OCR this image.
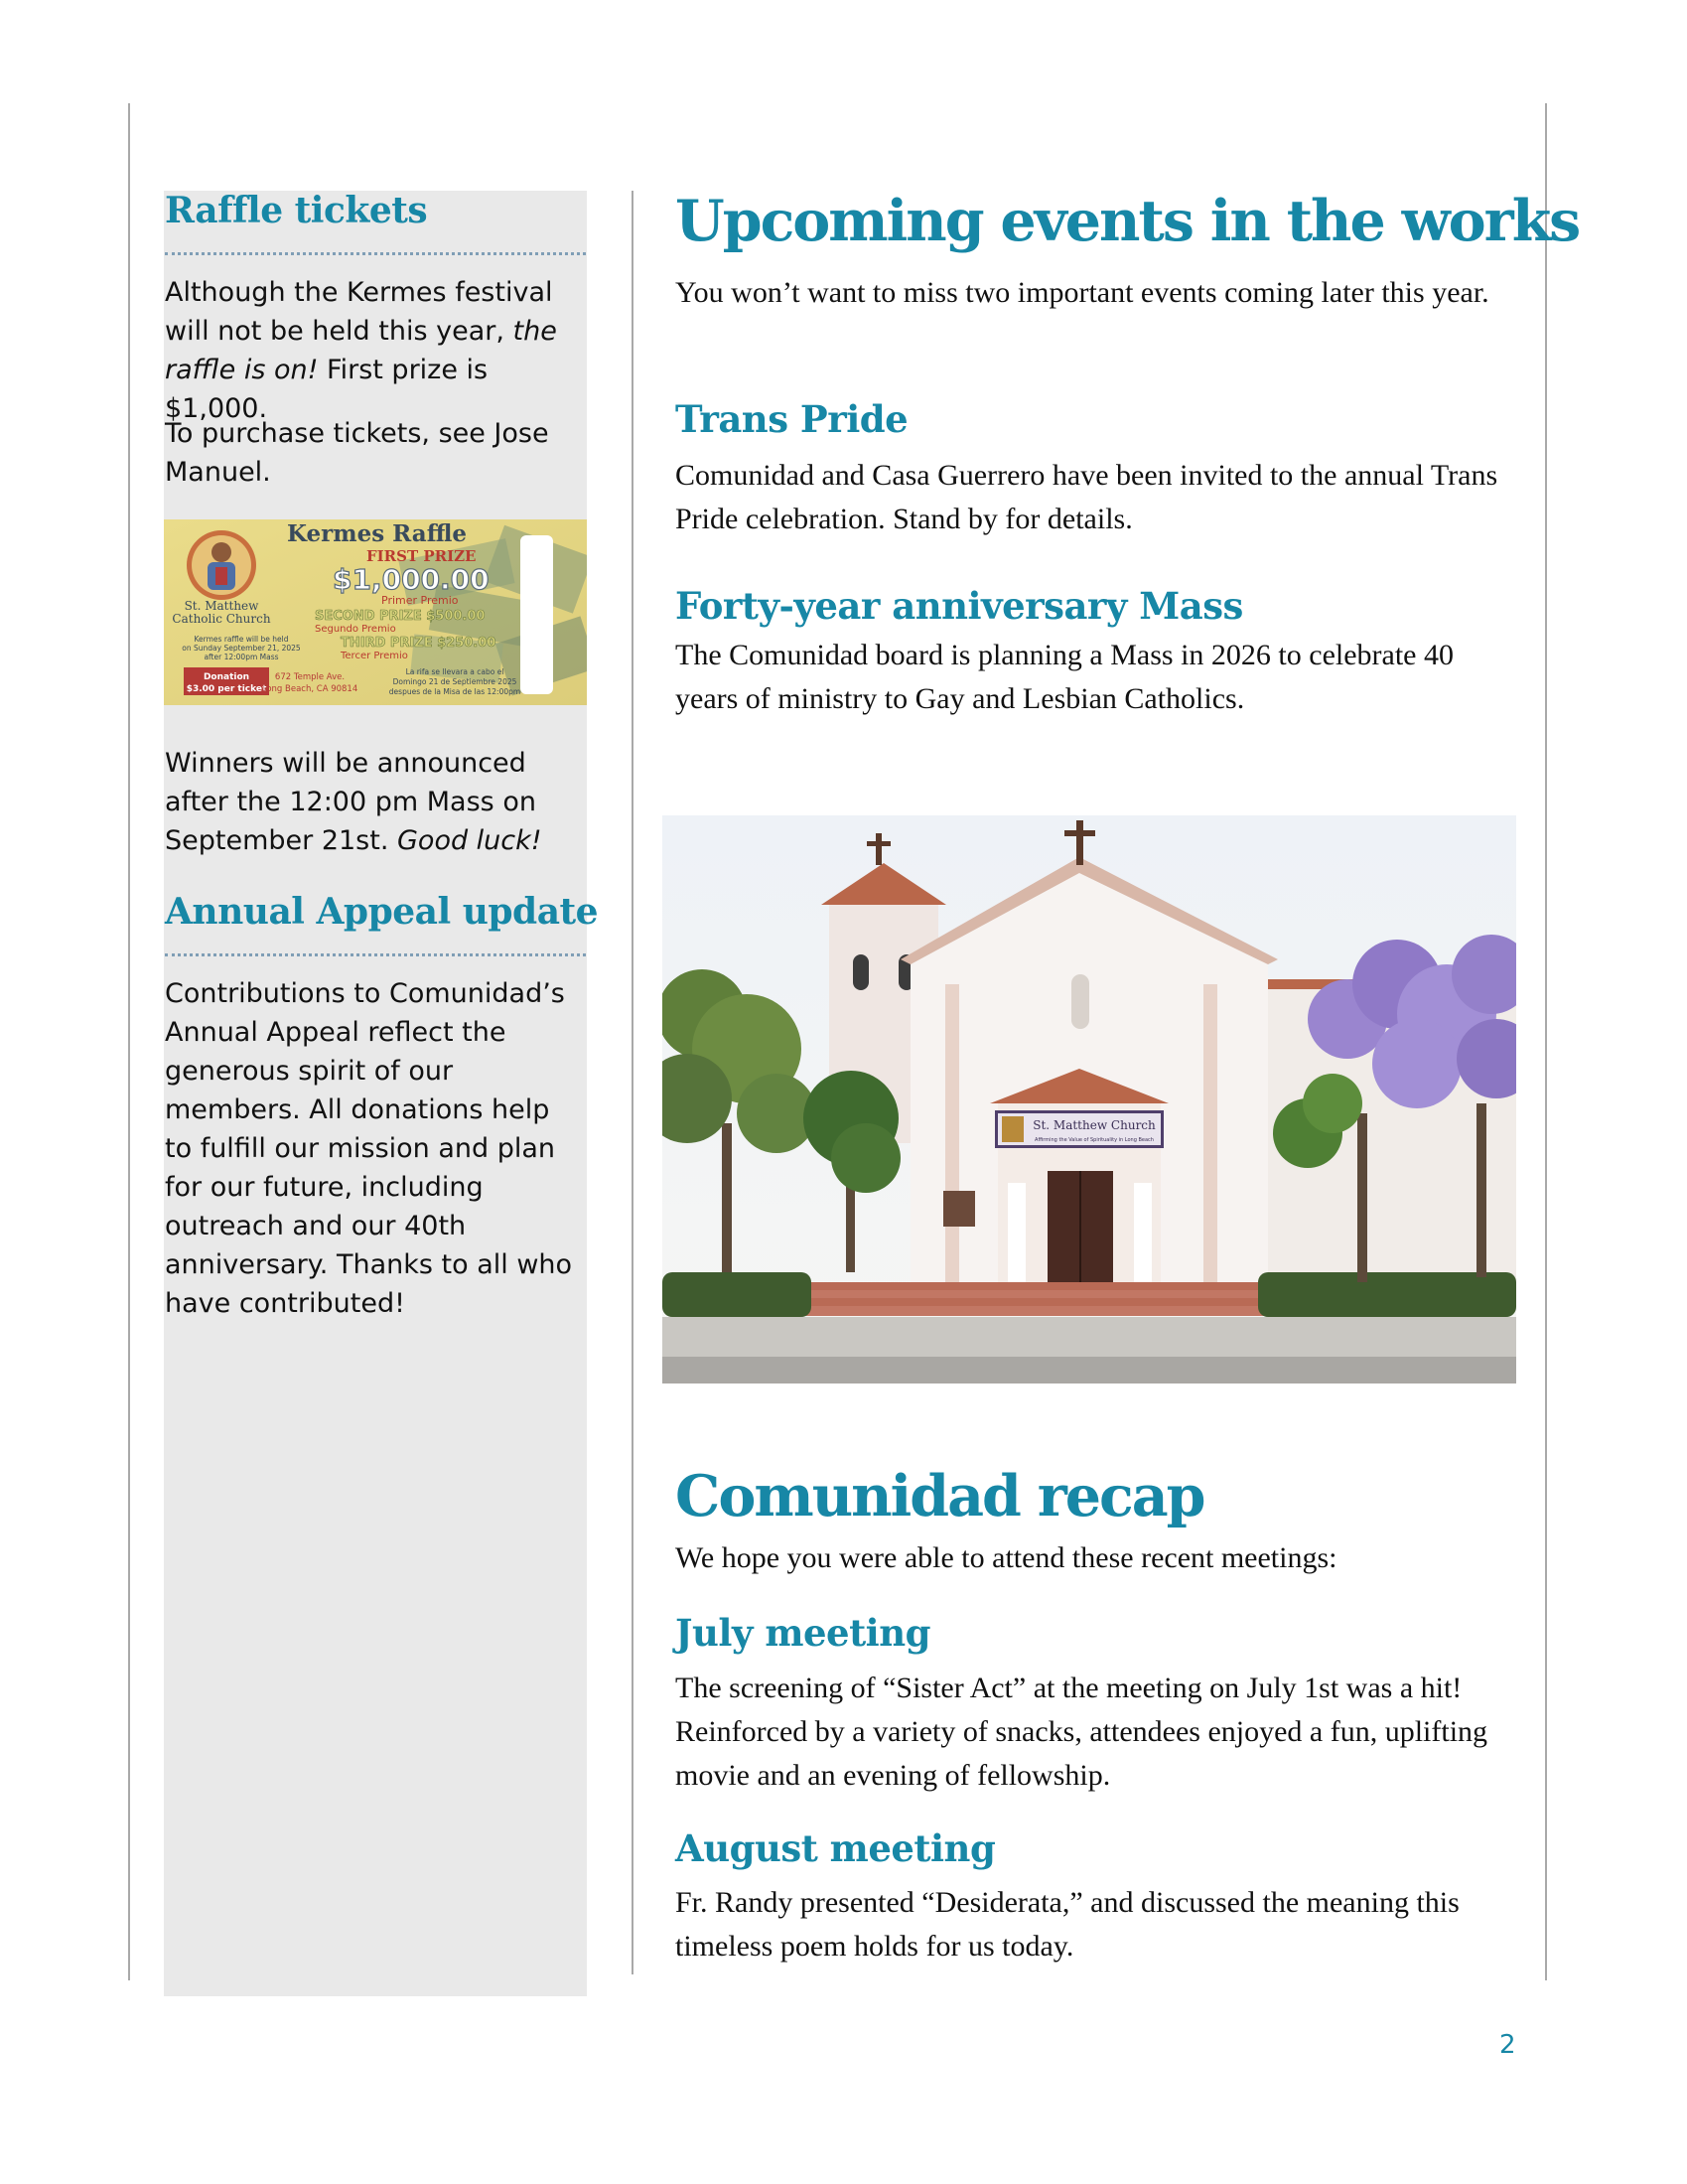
Raffle tickets

Although the Kermes festival will not be held this year, the raffle is on! First prize is $1,000.

To purchase tickets, see Jose Manuel.

Kermes Raffle
FIRST PRIZE
$1,000.00
Primer Premio
SECOND PRIZE $500.00
Segundo Premio
THIRD PRIZE $250.00
Tercer Premio
St. Matthew
Catholic Church
Kermes raffle will be held
on Sunday September 21, 2025
after 12:00pm Mass
Donation
$3.00 per ticket
672 Temple Ave.
Long Beach, CA 90814
La rifa se llevara a cabo el
Domingo 21 de Septiembre 2025
despues de la Misa de las 12:00pm

Winners will be announced after the 12:00 pm Mass on September 21st. Good luck!

Annual Appeal update

Contributions to Comunidad’s Annual Appeal reflect the generous spirit of our members. All donations help to fulfill our mission and plan for our future, including outreach and our 40th anniversary. Thanks to all who have contributed!

Upcoming events in the works

You won’t want to miss two important events coming later this year.

Trans Pride

Comunidad and Casa Guerrero have been invited to the annual Trans Pride celebration. Stand by for details.

Forty-year anniversary Mass

The Comunidad board is planning a Mass in 2026 to celebrate 40 years of ministry to Gay and Lesbian Catholics.

St. Matthew Church
Affirming the Value of Spirituality in Long Beach
Comunidad recap

We hope you were able to attend these recent meetings:

July meeting

The screening of “Sister Act” at the meeting on July 1st was a hit! Reinforced by a variety of snacks, attendees enjoyed a fun, uplifting movie and an evening of fellowship.

August meeting

Fr. Randy presented “Desiderata,” and discussed the meaning this timeless poem holds for us today.

2
